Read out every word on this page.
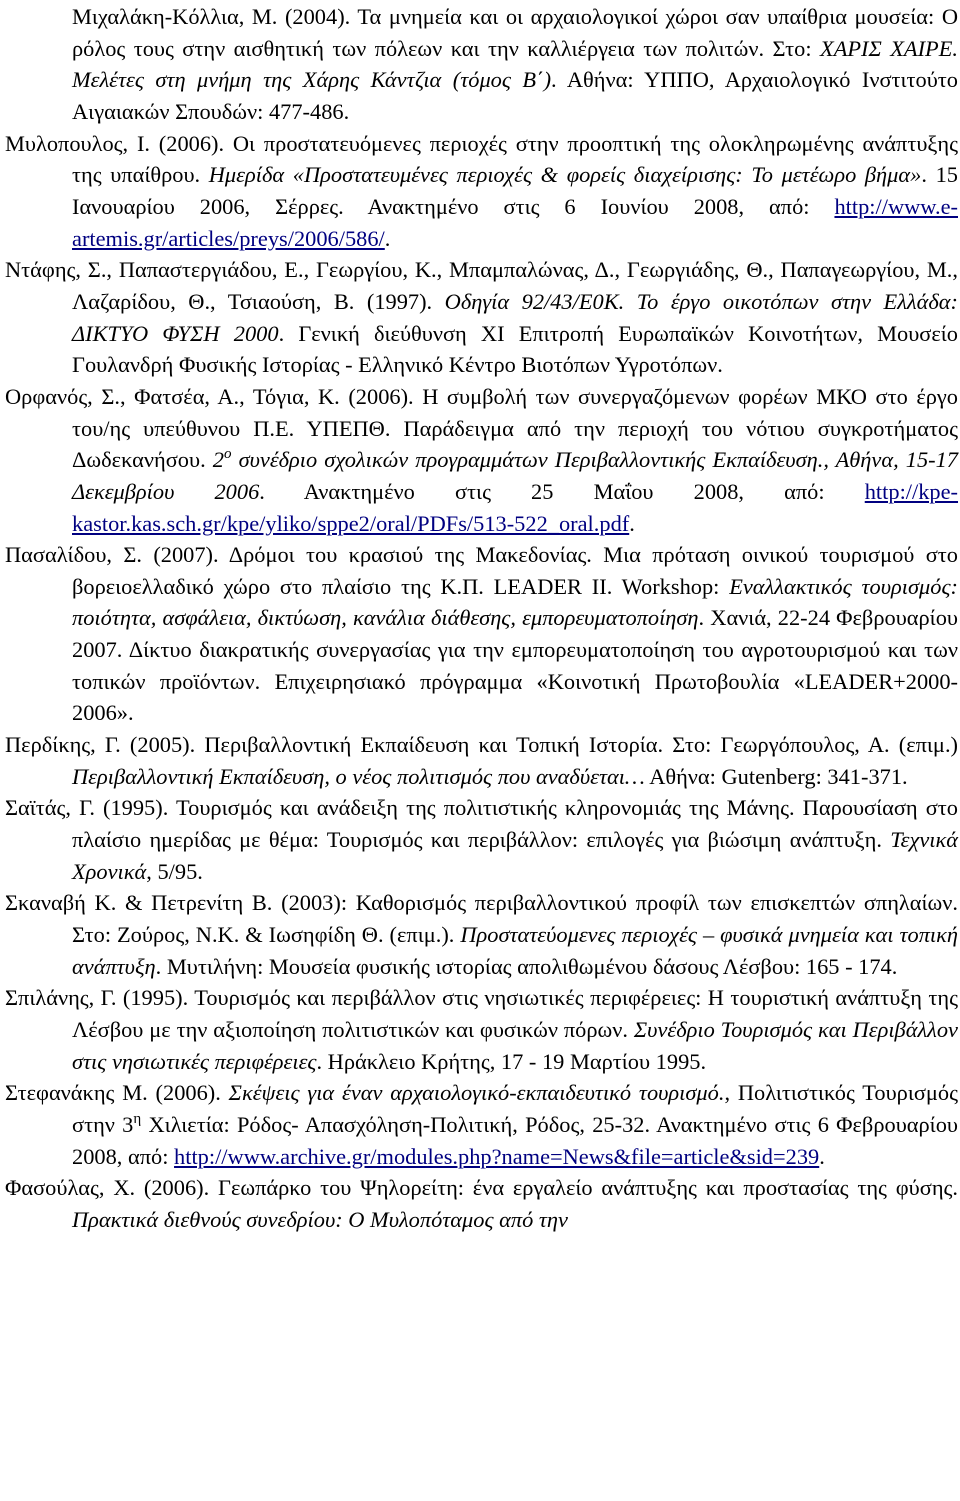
Μιχαλάκη-Κόλλια, Μ. (2004). Τα μνημεία και οι αρχαιολογικοί χώροι σαν υπαίθρια μουσεία: Ο ρόλος τους στην αισθητική των πόλεων και την καλλιέργεια των πολιτών. Στο: ΧΑΡΙΣ ΧΑΙΡΕ. Μελέτες στη μνήμη της Χάρης Κάντζια (τόμος Β΄). Αθήνα: ΥΠΠΟ, Αρχαιολογικό Ινστιτούτο Αιγαιακών Σπουδών: 477-486.

Μυλοπουλος, Ι. (2006). Οι προστατευόμενες περιοχές στην προοπτική της ολοκληρωμένης ανάπτυξης της υπαίθρου. Ημερίδα «Προστατευμένες περιοχές & φορείς διαχείρισης: Το μετέωρο βήμα». 15 Ιανουαρίου 2006, Σέρρες. Ανακτημένο στις 6 Ιουνίου 2008, από: http://www.e-artemis.gr/articles/preys/2006/586/.

Ντάφης, Σ., Παπαστεργιάδου, Ε., Γεωργίου, Κ., Μπαμπαλώνας, Δ., Γεωργιάδης, Θ., Παπαγεωργίου, Μ., Λαζαρίδου, Θ., Τσιαούση, Β. (1997). Οδηγία 92/43/Ε0Κ. Το έργο οικοτόπων στην Ελλάδα: ΔΙΚΤΥΟ ΦΥΣΗ 2000. Γενική διεύθυνση ΧΙ Επιτροπή Ευρωπαϊκών Κοινοτήτων, Μουσείο Γουλανδρή Φυσικής Ιστορίας - Ελληνικό Κέντρο Βιοτόπων Υγροτόπων.

Ορφανός, Σ., Φατσέα, Α., Τόγια, Κ. (2006). Η συμβολή των συνεργαζόμενων φορέων ΜΚΟ στο έργο του/ης υπεύθυνου Π.Ε. ΥΠΕΠΘ. Παράδειγμα από την περιοχή του νότιου συγκροτήματος Δωδεκανήσου. $2^o$ συνέδριο σχολικών προγραμμάτων Περιβαλλοντικής Εκπαίδευση., Αθήνα, 15-17 Δεκεμβρίου 2006. Ανακτημένο στις 25 Μαΐου 2008, από: http://kpe-kastor.kas.sch.gr/kpe/yliko/sppe2/oral/PDFs/513-522_oral.pdf.

Πασαλίδου, Σ. (2007). Δρόμοι του κρασιού της Μακεδονίας. Μια πρόταση οινικού τουρισμού στο βορειοελλαδικό χώρο στο πλαίσιο της Κ.Π. LEADER II. Workshop: Εναλλακτικός τουρισμός: ποιότητα, ασφάλεια, δικτύωση, κανάλια διάθεσης, εμπορευματοποίηση. Χανιά, 22-24 Φεβρουαρίου 2007. Δίκτυο διακρατικής συνεργασίας για την εμπορευματοποίηση του αγροτουρισμού και των τοπικών προϊόντων. Επιχειρησιακό πρόγραμμα «Κοινοτική Πρωτοβουλία «LEADER+2000-2006».

Περδίκης, Γ. (2005). Περιβαλλοντική Εκπαίδευση και Τοπική Ιστορία. Στο: Γεωργόπουλος, Α. (επιμ.) Περιβαλλοντική Εκπαίδευση, ο νέος πολιτισμός που αναδύεται… Αθήνα: Gutenberg: 341-371.

Σαϊτάς, Γ. (1995). Τουρισμός και ανάδειξη της πολιτιστικής κληρονομιάς της Μάνης. Παρουσίαση στο πλαίσιο ημερίδας με θέμα: Τουρισμός και περιβάλλον: επιλογές για βιώσιμη ανάπτυξη. Τεχνικά Χρονικά, 5/95.

Σκαναβή Κ. & Πετρενίτη Β. (2003): Καθορισμός περιβαλλοντικού προφίλ των επισκεπτών σπηλαίων. Στο: Ζούρος, Ν.Κ. & Ιωσηφίδη Θ. (επιμ.). Προστατεύομενες περιοχές – φυσικά μνημεία και τοπική ανάπτυξη. Μυτιλήνη: Μουσεία φυσικής ιστορίας απολιθωμένου δάσους Λέσβου: 165 - 174.

Σπιλάνης, Γ. (1995). Τουρισμός και περιβάλλον στις νησιωτικές περιφέρειες: Η τουριστική ανάπτυξη της Λέσβου με την αξιοποίηση πολιτιστικών και φυσικών πόρων. Συνέδριο Τουρισμός και Περιβάλλον στις νησιωτικές περιφέρειες. Ηράκλειο Κρήτης, 17 - 19 Μαρτίου 1995.

Στεφανάκης Μ. (2006). Σκέψεις για έναν αρχαιολογικό-εκπαιδευτικό τουρισμό., Πολιτιστικός Τουρισμός στην $3^\eta$ Χιλιετία: Ρόδος- Απασχόληση-Πολιτική, Ρόδος, 25-32. Ανακτημένο στις 6 Φεβρουαρίου 2008, από: http://www.archive.gr/modules.php?name=News&file=article&sid=239.

Φασούλας, Χ. (2006). Γεωπάρκο του Ψηλορείτη: ένα εργαλείο ανάπτυξης και προστασίας της φύσης. Πρακτικά διεθνούς συνεδρίου: Ο Μυλοπόταμος από την
